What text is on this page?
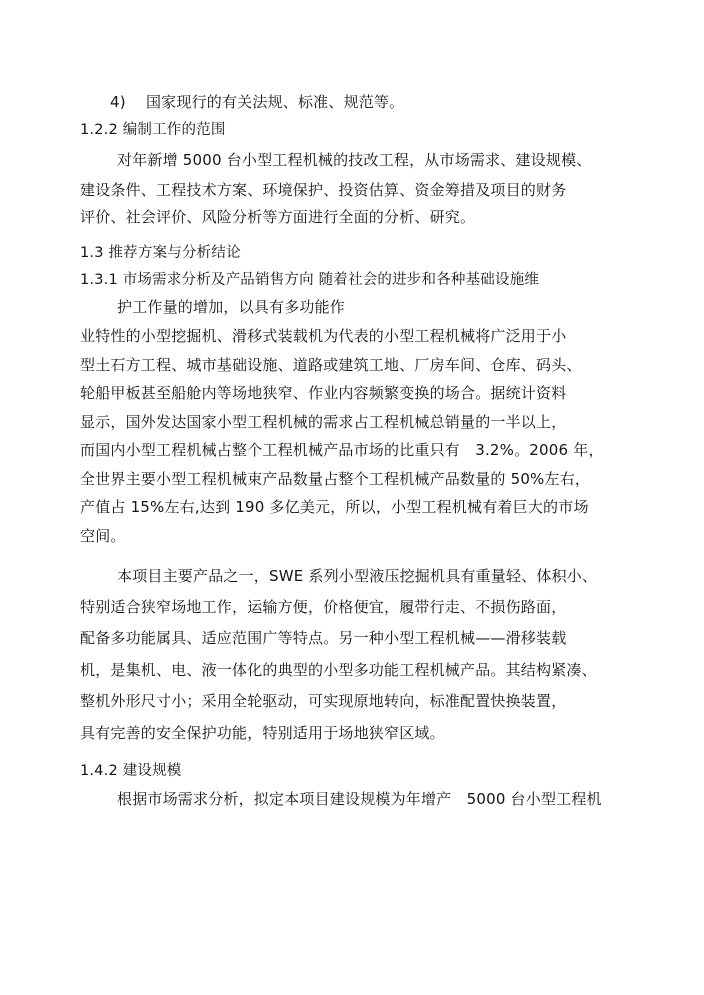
4)　 国家现行的有关法规、标准、规范等。
1.2.2 编制工作的范围
对年新增 5000 台小型工程机械的技改工程，从市场需求、建设规模、
建设条件、工程技术方案、环境保护、投资估算、资金筹措及项目的财务
评价、社会评价、风险分析等方面进行全面的分析、研究。
1.3 推荐方案与分析结论
1.3.1 市场需求分析及产品销售方向 随着社会的进步和各种基础设施维
护工作量的增加，以具有多功能作
业特性的小型挖掘机、滑移式装载机为代表的小型工程机械将广泛用于小
型土石方工程、城市基础设施、道路或建筑工地、厂房车间、仓库、码头、
轮船甲板甚至船舱内等场地狭窄、作业内容频繁变换的场合。据统计资料
显示，国外发达国家小型工程机械的需求占工程机械总销量的一半以上，
而国内小型工程机械占整个工程机械产品市场的比重只有　3.2%。2006 年，
全世界主要小型工程机械束产品数量占整个工程机械产品数量的 50%左右，
产值占 15%左右,达到 190 多亿美元，所以，小型工程机械有着巨大的市场
空间。
本项目主要产品之一，SWE 系列小型液压挖掘机具有重量轻、体积小、
特别适合狭窄场地工作，运输方便，价格便宜，履带行走、不损伤路面，
配备多功能属具、适应范围广等特点。另一种小型工程机械——滑移装载
机，是集机、电、液一体化的典型的小型多功能工程机械产品。其结构紧凑、
整机外形尺寸小；采用全轮驱动，可实现原地转向，标准配置快换装置，
具有完善的安全保护功能，特别适用于场地狭窄区域。
1.4.2 建设规模
根据市场需求分析，拟定本项目建设规模为年增产　5000 台小型工程机
